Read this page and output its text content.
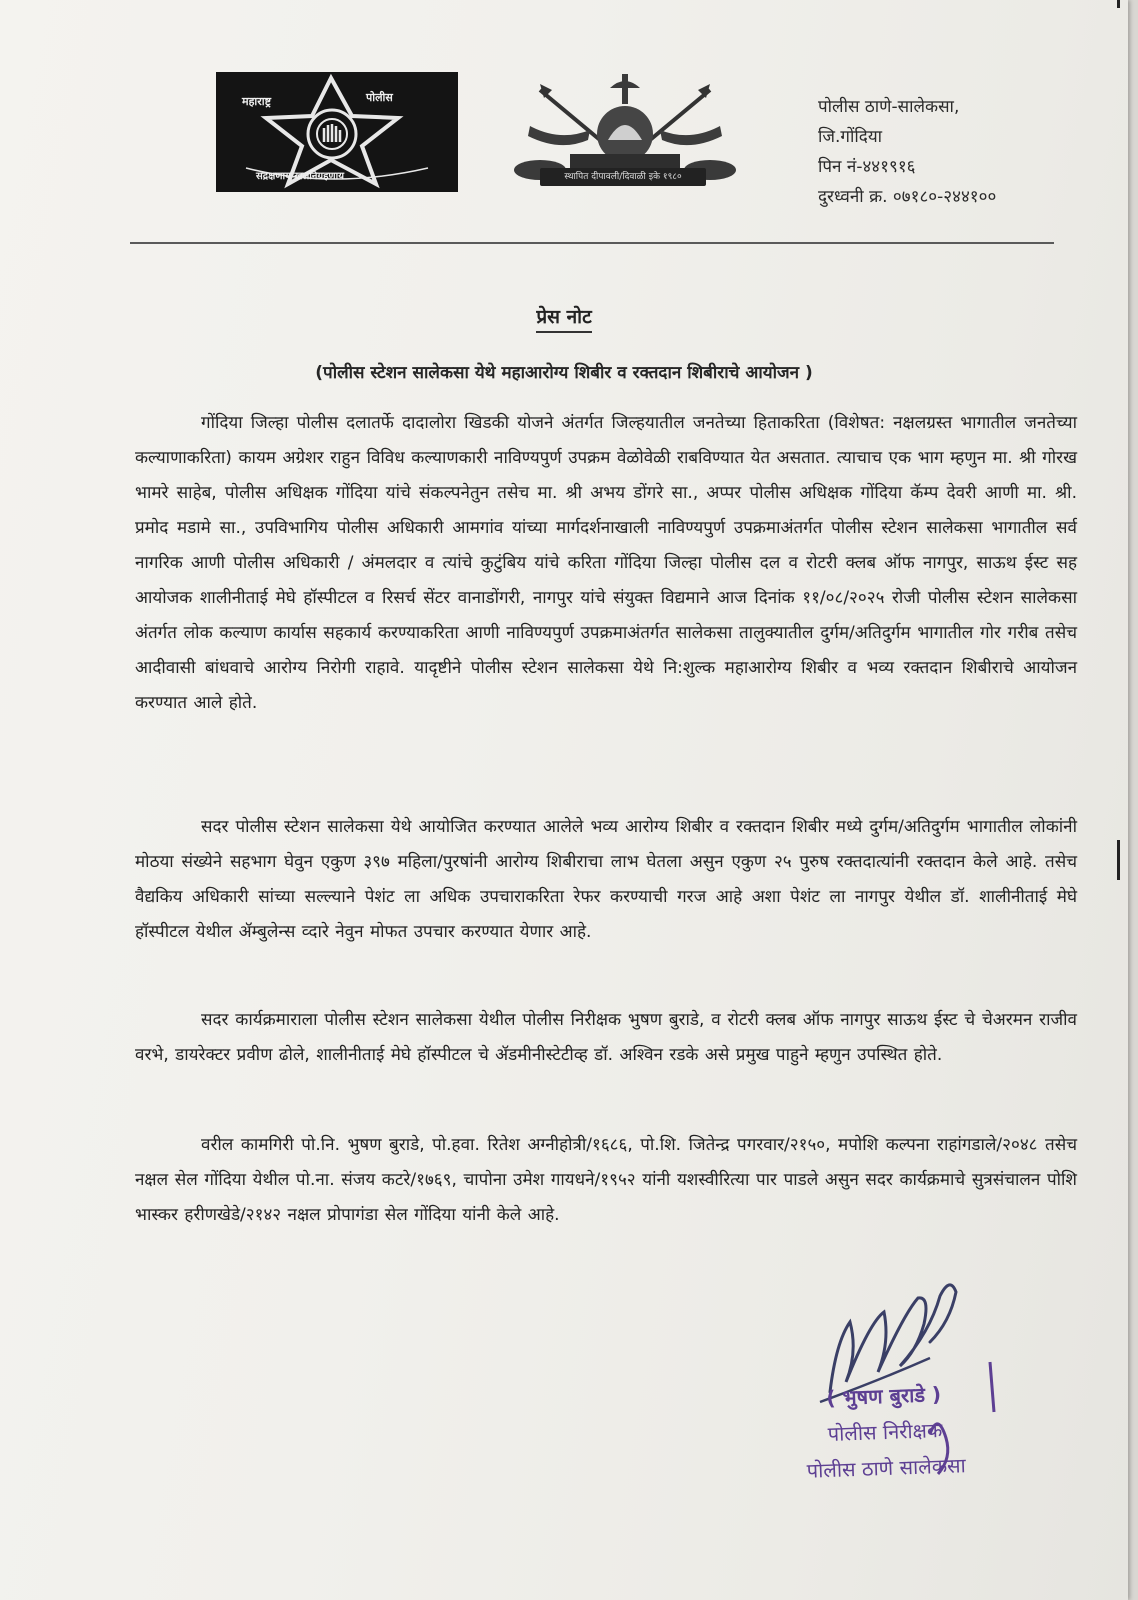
महाराष्ट्र	पोलीस
सद्रक्षणाय खलनिग्रहणाय	स्थापित दीपावली/दिवाळी इके १९८०
पोलीस ठाणे-सालेकसा,
जि.गोंदिया
पिन नं-४४१९१६
दुरध्वनी क्र. ०७१८०-२४४१००
प्रेस नोट
(पोलीस स्टेशन सालेकसा येथे महाआरोग्य शिबीर व रक्तदान शिबीराचे आयोजन )

गोंदिया जिल्हा पोलीस दलातर्फे दादालोरा खिडकी योजने अंतर्गत जिल्हयातील जनतेच्या हिताकरिता (विशेषत: नक्षलग्रस्त भागातील जनतेच्या कल्याणाकरिता) कायम अग्रेशर राहुन विविध कल्याणकारी नाविण्यपुर्ण उपक्रम वेळोवेळी राबविण्यात येत असतात. त्याचाच एक भाग म्हणुन मा. श्री गोरख भामरे साहेब, पोलीस अधिक्षक गोंदिया यांचे संकल्पनेतुन तसेच मा. श्री अभय डोंगरे सा., अप्पर पोलीस अधिक्षक गोंदिया कॅम्प देवरी आणी मा. श्री. प्रमोद मडामे सा., उपविभागिय पोलीस अधिकारी आमगांव यांच्या मार्गदर्शनाखाली नाविण्यपुर्ण उपक्रमाअंतर्गत पोलीस स्टेशन सालेकसा भागातील सर्व नागरिक आणी पोलीस अधिकारी / अंमलदार व त्यांचे कुटुंबिय यांचे करिता गोंदिया जिल्हा पोलीस दल व रोटरी क्लब ऑफ नागपुर, साऊथ ईस्ट सह आयोजक शालीनीताई मेघे हॉस्पीटल व रिसर्च सेंटर वानाडोंगरी, नागपुर यांचे संयुक्त विद्यमाने आज दिनांक ११/०८/२०२५ रोजी पोलीस स्टेशन सालेकसा अंतर्गत लोक कल्याण कार्यास सहकार्य करण्याकरिता आणी नाविण्यपुर्ण उपक्रमाअंतर्गत सालेकसा तालुक्यातील दुर्गम/अतिदुर्गम भागातील गोर गरीब तसेच आदीवासी बांधवाचे आरोग्य निरोगी राहावे. यादृष्टीने पोलीस स्टेशन सालेकसा येथे नि:शुल्क महाआरोग्य शिबीर व भव्य रक्तदान शिबीराचे आयोजन करण्यात आले होते.

सदर पोलीस स्टेशन सालेकसा येथे आयोजित करण्यात आलेले भव्य आरोग्य शिबीर व रक्तदान शिबीर मध्ये दुर्गम/अतिदुर्गम भागातील लोकांनी मोठया संख्येने सहभाग घेवुन एकुण ३९७ महिला/पुरषांनी आरोग्य शिबीराचा लाभ घेतला असुन एकुण २५ पुरुष रक्तदात्यांनी रक्तदान केले आहे. तसेच वैद्यकिय अधिकारी सांच्या सल्ल्याने पेशंट ला अधिक उपचाराकरिता रेफर करण्याची गरज आहे अशा पेशंट ला नागपुर येथील डॉ. शालीनीताई मेघे हॉस्पीटल येथील ॲम्बुलेन्स व्दारे नेवुन मोफत उपचार करण्यात येणार आहे.

सदर कार्यक्रमाराला पोलीस स्टेशन सालेकसा येथील पोलीस निरीक्षक भुषण बुराडे, व रोटरी क्लब ऑफ नागपुर साऊथ ईस्ट चे चेअरमन राजीव वरभे, डायरेक्टर प्रवीण ढोले, शालीनीताई मेघे हॉस्पीटल चे ॲडमीनीस्टेटीव्ह डॉ. अश्विन रडके असे प्रमुख पाहुने म्हणुन उपस्थित होते.

वरील कामगिरी पो.नि. भुषण बुराडे, पो.हवा. रितेश अग्नीहोत्री/१६८६, पो.शि. जितेन्द्र पगरवार/२१५०, मपोशि कल्पना राहांगडाले/२०४८ तसेच नक्षल सेल गोंदिया येथील पो.ना. संजय कटरे/१७६९, चापोना उमेश गायधने/१९५२ यांनी यशस्वीरित्या पार पाडले असुन सदर कार्यक्रमाचे सुत्रसंचालन पोशि भास्कर हरीणखेडे/२१४२ नक्षल प्रोपागंडा सेल गोंदिया यांनी केले आहे.

( भुषण बुराडे )
पोलीस निरीक्षक
पोलीस ठाणे सालेकसा
